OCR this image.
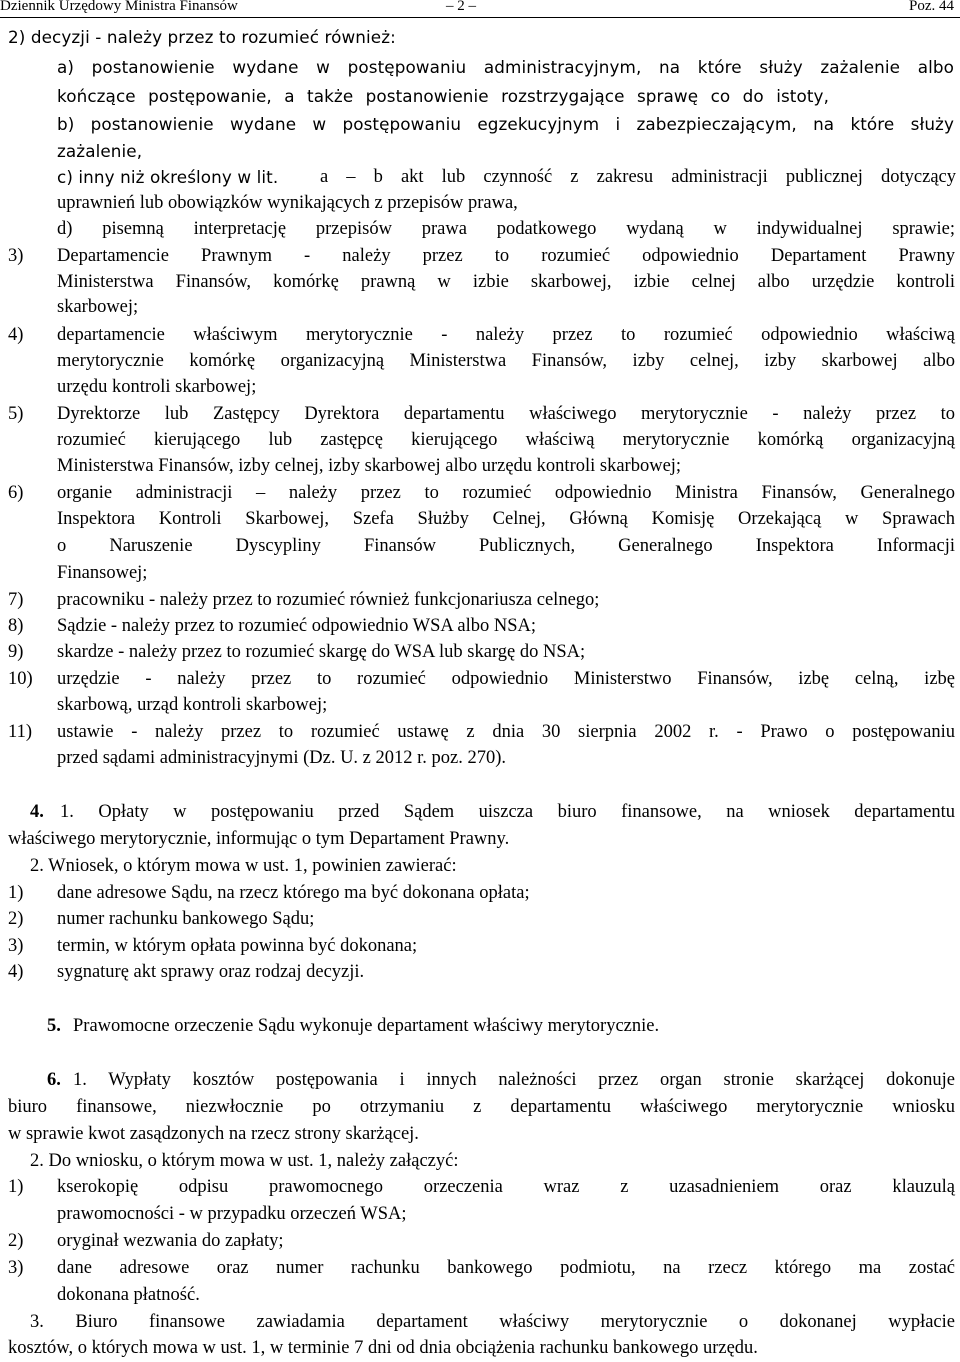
Dziennik Urzędowy Ministra Finansów	– 2 –	Poz. 44
2) decyzji - należy przez to rozumieć również:
a) postanowienie wydane w postępowaniu administracyjnym, na które służy zażalenie albo
kończące postępowanie, a także postanowienie rozstrzygające sprawę co do istoty,
b) postanowienie wydane w postępowaniu egzekucyjnym i zabezpieczającym, na które służy
zażalenie,
c) inny niż określony w lit. a – b akt lub czynność z zakresu administracji publicznej dotyczący
uprawnień lub obowiązków wynikających z przepisów prawa,
d) pisemną interpretację przepisów prawa podatkowego wydaną w indywidualnej sprawie;
3) Departamencie Prawnym - należy przez to rozumieć odpowiednio Departament Prawny
Ministerstwa Finansów, komórkę prawną w izbie skarbowej, izbie celnej albo urzędzie kontroli
skarbowej;
4) departamencie właściwym merytorycznie - należy przez to rozumieć odpowiednio właściwą
merytorycznie komórkę organizacyjną Ministerstwa Finansów, izby celnej, izby skarbowej albo
urzędu kontroli skarbowej;
5) Dyrektorze lub Zastępcy Dyrektora departamentu właściwego merytorycznie - należy przez to
rozumieć kierującego lub zastępcę kierującego właściwą merytorycznie komórką organizacyjną
Ministerstwa Finansów, izby celnej, izby skarbowej albo urzędu kontroli skarbowej;
6) organie administracji – należy przez to rozumieć odpowiednio Ministra Finansów, Generalnego
Inspektora Kontroli Skarbowej, Szefa Służby Celnej, Główną Komisję Orzekającą w Sprawach
o Naruszenie Dyscypliny Finansów Publicznych, Generalnego Inspektora Informacji
Finansowej;
7) pracowniku - należy przez to rozumieć również funkcjonariusza celnego;
8) Sądzie - należy przez to rozumieć odpowiednio WSA albo NSA;
9) skardze - należy przez to rozumieć skargę do WSA lub skargę do NSA;
10) urzędzie - należy przez to rozumieć odpowiednio Ministerstwo Finansów, izbę celną, izbę
skarbową, urząd kontroli skarbowej;
11) ustawie - należy przez to rozumieć ustawę z dnia 30 sierpnia 2002 r. - Prawo o postępowaniu
przed sądami administracyjnymi (Dz. U. z 2012 r. poz. 270).
4. 1. Opłaty w postępowaniu przed Sądem uiszcza biuro finansowe, na wniosek departamentu
właściwego merytorycznie, informując o tym Departament Prawny.
2. Wniosek, o którym mowa w ust. 1, powinien zawierać:
1) dane adresowe Sądu, na rzecz którego ma być dokonana opłata;
2) numer rachunku bankowego Sądu;
3) termin, w którym opłata powinna być dokonana;
4) sygnaturę akt sprawy oraz rodzaj decyzji.
5. Prawomocne orzeczenie Sądu wykonuje departament właściwy merytorycznie.
6. 1. Wypłaty kosztów postępowania i innych należności przez organ stronie skarżącej dokonuje
biuro finansowe, niezwłocznie po otrzymaniu z departamentu właściwego merytorycznie wniosku
w sprawie kwot zasądzonych na rzecz strony skarżącej.
2. Do wniosku, o którym mowa w ust. 1, należy załączyć:
1) kserokopię odpisu prawomocnego orzeczenia wraz z uzasadnieniem oraz klauzulą
prawomocności - w przypadku orzeczeń WSA;
2) oryginał wezwania do zapłaty;
3) dane adresowe oraz numer rachunku bankowego podmiotu, na rzecz którego ma zostać
dokonana płatność.
3. Biuro finansowe zawiadamia departament właściwy merytorycznie o dokonanej wypłacie
kosztów, o których mowa w ust. 1, w terminie 7 dni od dnia obciążenia rachunku bankowego urzędu.
